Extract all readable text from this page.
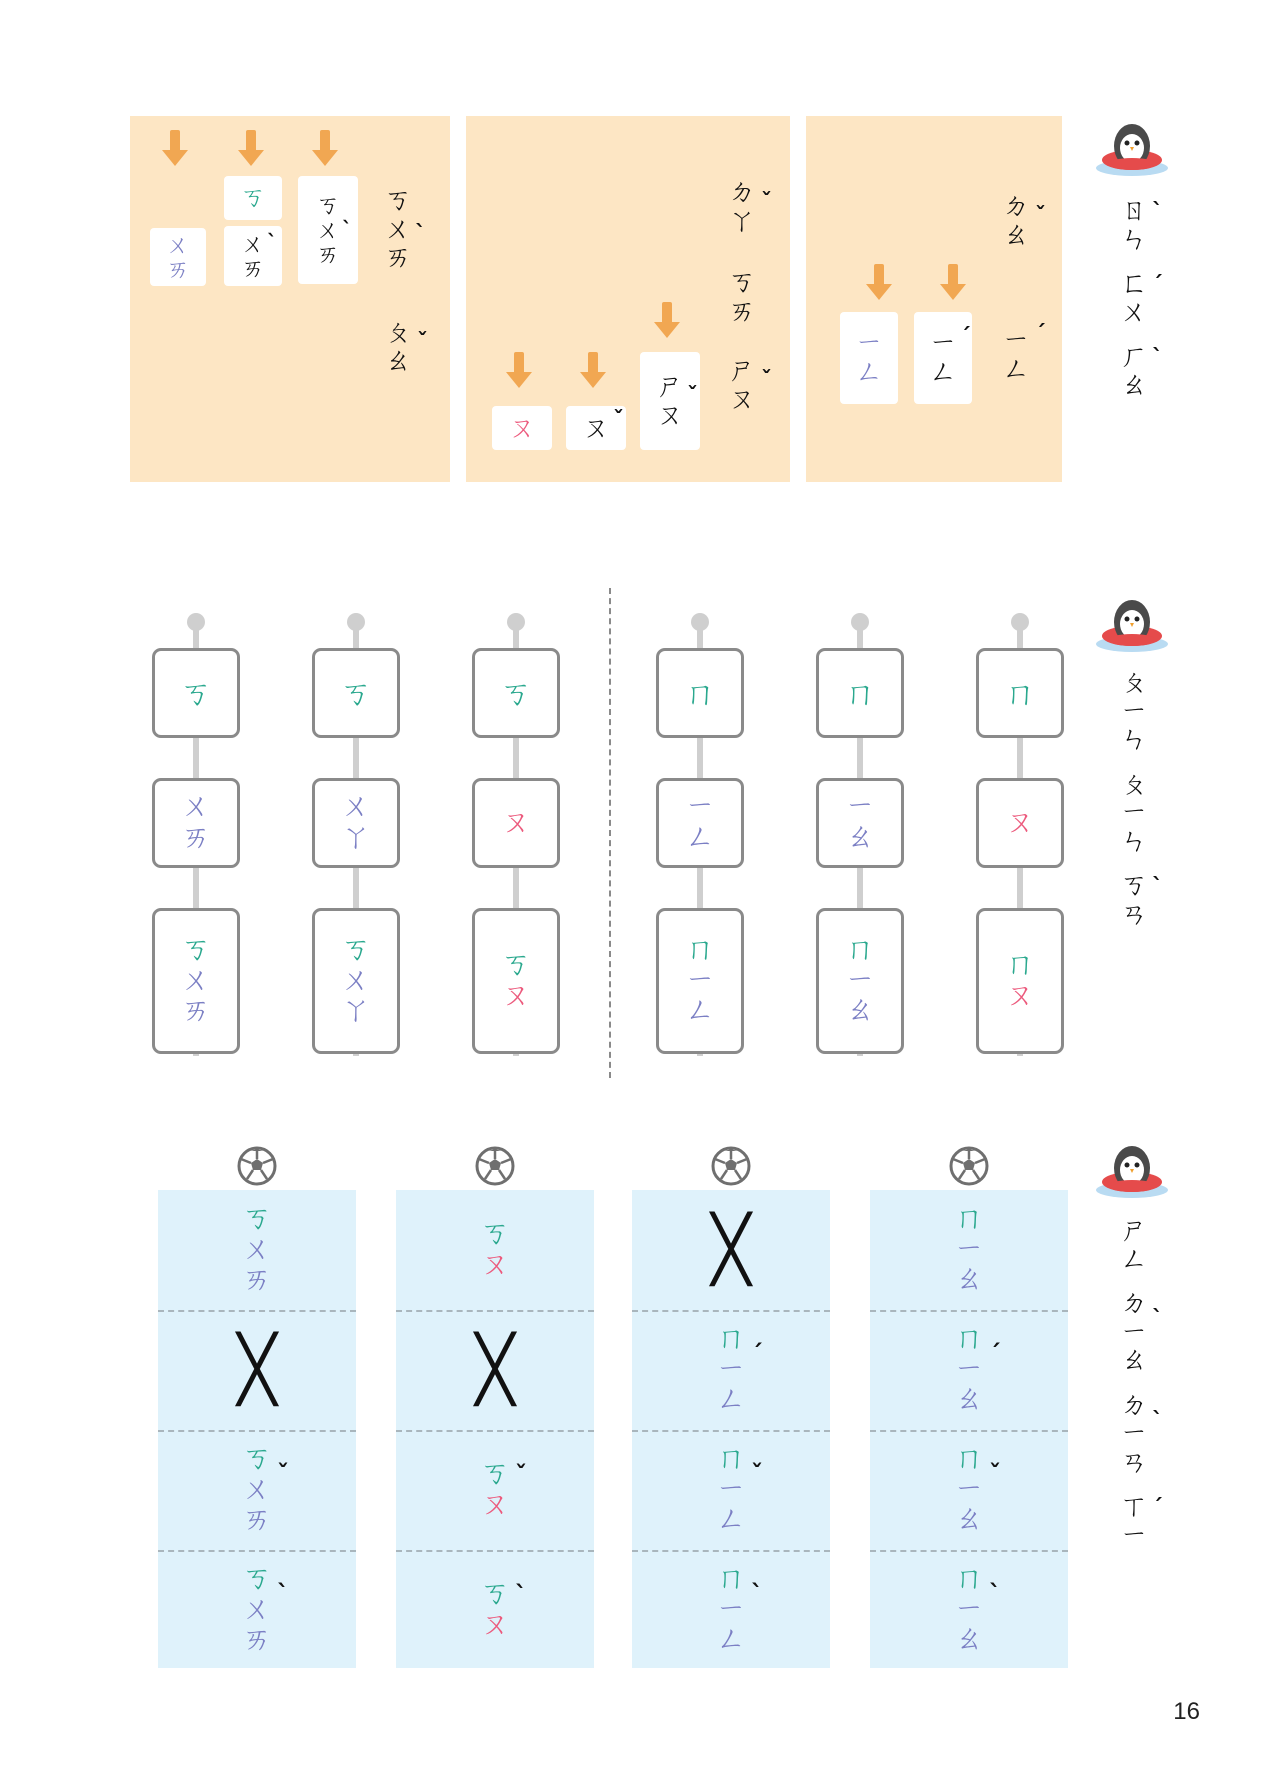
ㄨ
ㄞ
ㄎ
ㄨ
ㄞ
ˋ
ㄎ
ㄨ
ㄞ
ˋ
ㄎ
ㄨ
ㄞ
ˋ
ㄆ
ㄠ
ˇ
ㄡ ㄡ ˇ
ㄕ
ㄡ
ˇ
ㄉ
ㄚ
ˇ
ㄎ
ㄞ
ㄕ
ㄡ
ˇ
ㄧ
ㄥ
ㄧ
ㄥ
ˊ
ㄉ
ㄠ
ˇ
ㄧ
ㄥ
ˊ
ㄎ
ㄨ
ㄞ
ㄎ
ㄨ
ㄞ
ㄎ
ㄨ
ㄚ
ㄎ
ㄨ
ㄚ
ㄎ
ㄡ
ㄎ
ㄡ
ㄇ
ㄧ
ㄥ
ㄇ
ㄧ
ㄥ
ㄇ
ㄧ
ㄠ
ㄇ
ㄧ
ㄠ
ㄇ
ㄡ
ㄇ
ㄡ
ㄎ
ㄨ
ㄞ
╳
ㄎ
ㄨ
ㄞ
ˇ
ㄎ
ㄨ
ㄞ
ˋ
ㄎ
ㄡ
╳
ㄎ
ㄡ
ˇ
ㄎ
ㄡ
ˋ
╳
ㄇ
ㄧ
ㄥ
ˊ
ㄇ
ㄧ
ㄥ
ˇ
ㄇ
ㄧ
ㄥ
ˋ
ㄇ
ㄧ
ㄠ
ㄇ
ㄧ
ㄠ
ˊ
ㄇ
ㄧ
ㄠ
ˇ
ㄇ
ㄧ
ㄠ
ˋ
ㄖ
ㄣ
ˋ
ㄈ
ㄨ
ˊ
ㄏ
ㄠ
ˋ
ㄆ
ㄧ
ㄣ
ㄆ
ㄧ
ㄣ
ㄎ
ㄢ
ˋ
ㄕ
ㄥ
ㄉ
ㄧ
ㄠ
ˋ
ㄉ
ㄧ
ㄢ
ˋ
ㄒ
ㄧ
ˊ
16
